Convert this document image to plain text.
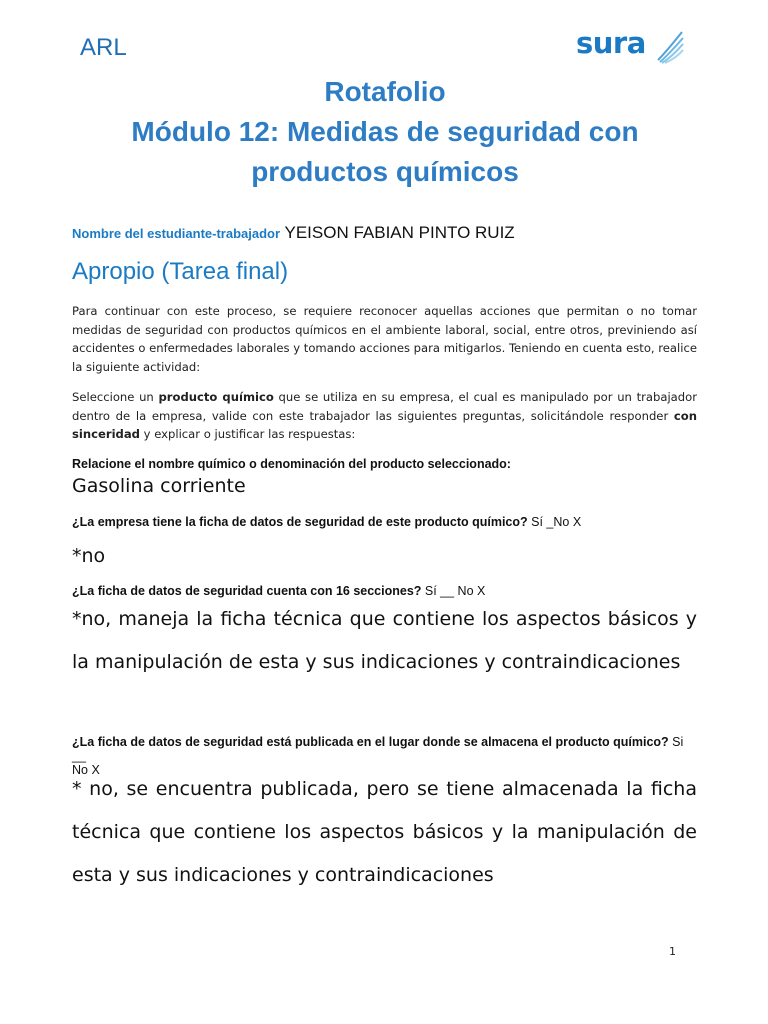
ARL	sura
Rotafolio
Módulo 12: Medidas de seguridad con
productos químicos
Nombre del estudiante-trabajador YEISON FABIAN PINTO RUIZ
Apropio (Tarea final)
Para continuar con este proceso, se requiere reconocer aquellas acciones que permitan o no tomar medidas de seguridad con productos químicos en el ambiente laboral, social, entre otros, previniendo así accidentes o enfermedades laborales y tomando acciones para mitigarlos. Teniendo en cuenta esto, realice la siguiente actividad:
Seleccione un producto químico que se utiliza en su empresa, el cual es manipulado por un trabajador dentro de la empresa, valide con este trabajador las siguientes preguntas, solicitándole responder con sinceridad y explicar o justificar las respuestas:
Relacione el nombre químico o denominación del producto seleccionado:
Gasolina corriente
¿La empresa tiene la ficha de datos de seguridad de este producto químico? Sí _No X
*no
¿La ficha de datos de seguridad cuenta con 16 secciones? Sí __ No X
*no, maneja la ficha técnica que contiene los aspectos básicos y la manipulación de esta y sus indicaciones y contraindicaciones
¿La ficha de datos de seguridad está publicada en el lugar donde se almacena el producto químico? Si __
No X
* no, se encuentra publicada, pero se tiene almacenada la ficha técnica que contiene los aspectos básicos y la manipulación de esta y sus indicaciones y contraindicaciones
1
